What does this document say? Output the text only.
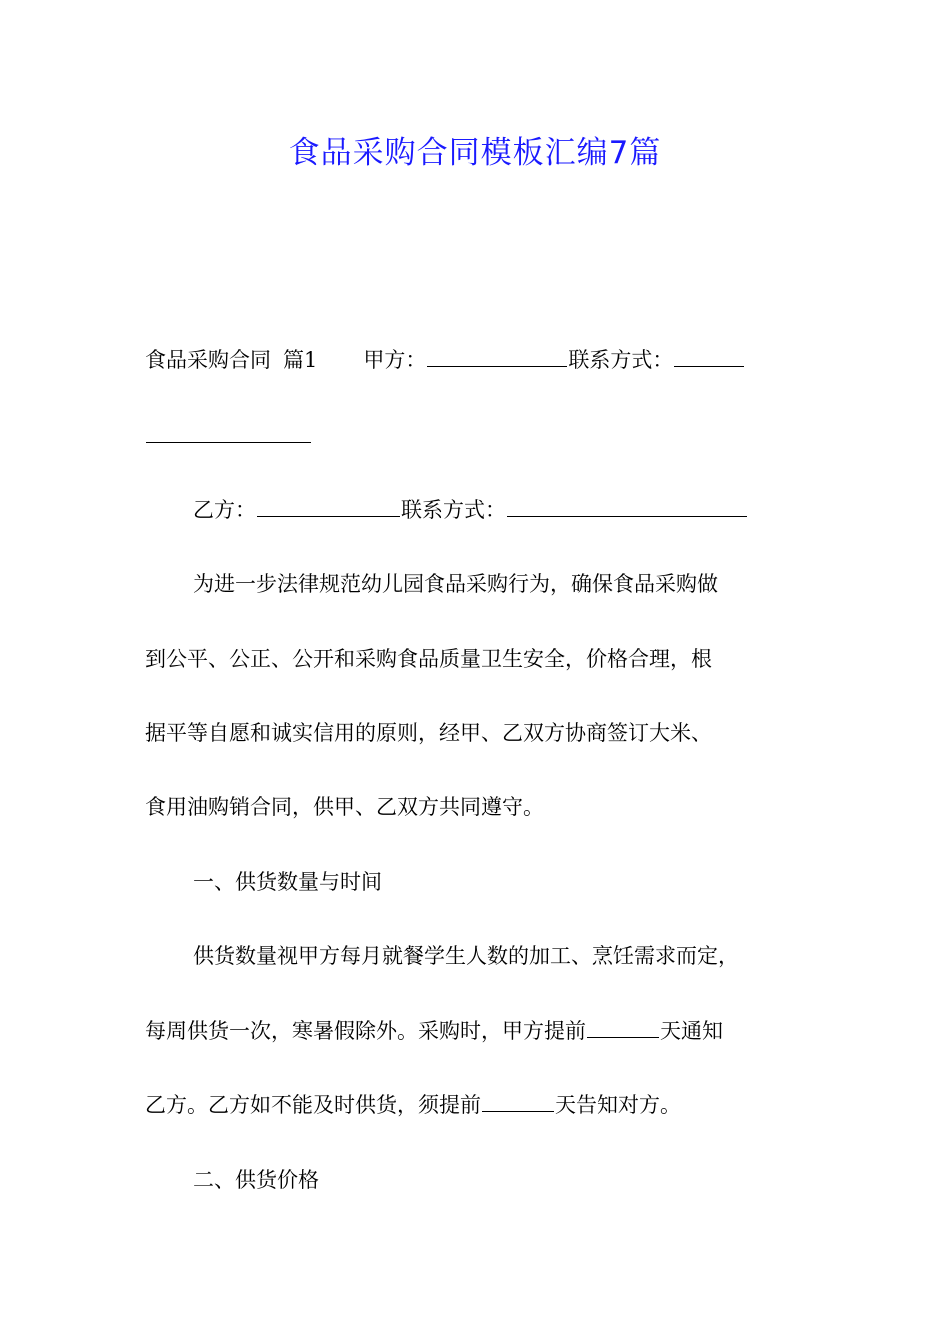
食品采购合同模板汇编7篇
食品采购合同 篇1 甲方：	联系方式：
乙方：	联系方式：
为进一步法律规范幼儿园食品采购行为，确保食品采购做
到公平、公正、公开和采购食品质量卫生安全，价格合理，根
据平等自愿和诚实信用的原则，经甲、乙双方协商签订大米、
食用油购销合同，供甲、乙双方共同遵守。
一、供货数量与时间
供货数量视甲方每月就餐学生人数的加工、烹饪需求而定，
每周供货一次，寒暑假除外。采购时，甲方提前	天通知
乙方。乙方如不能及时供货，须提前	天告知对方。
二、供货价格
